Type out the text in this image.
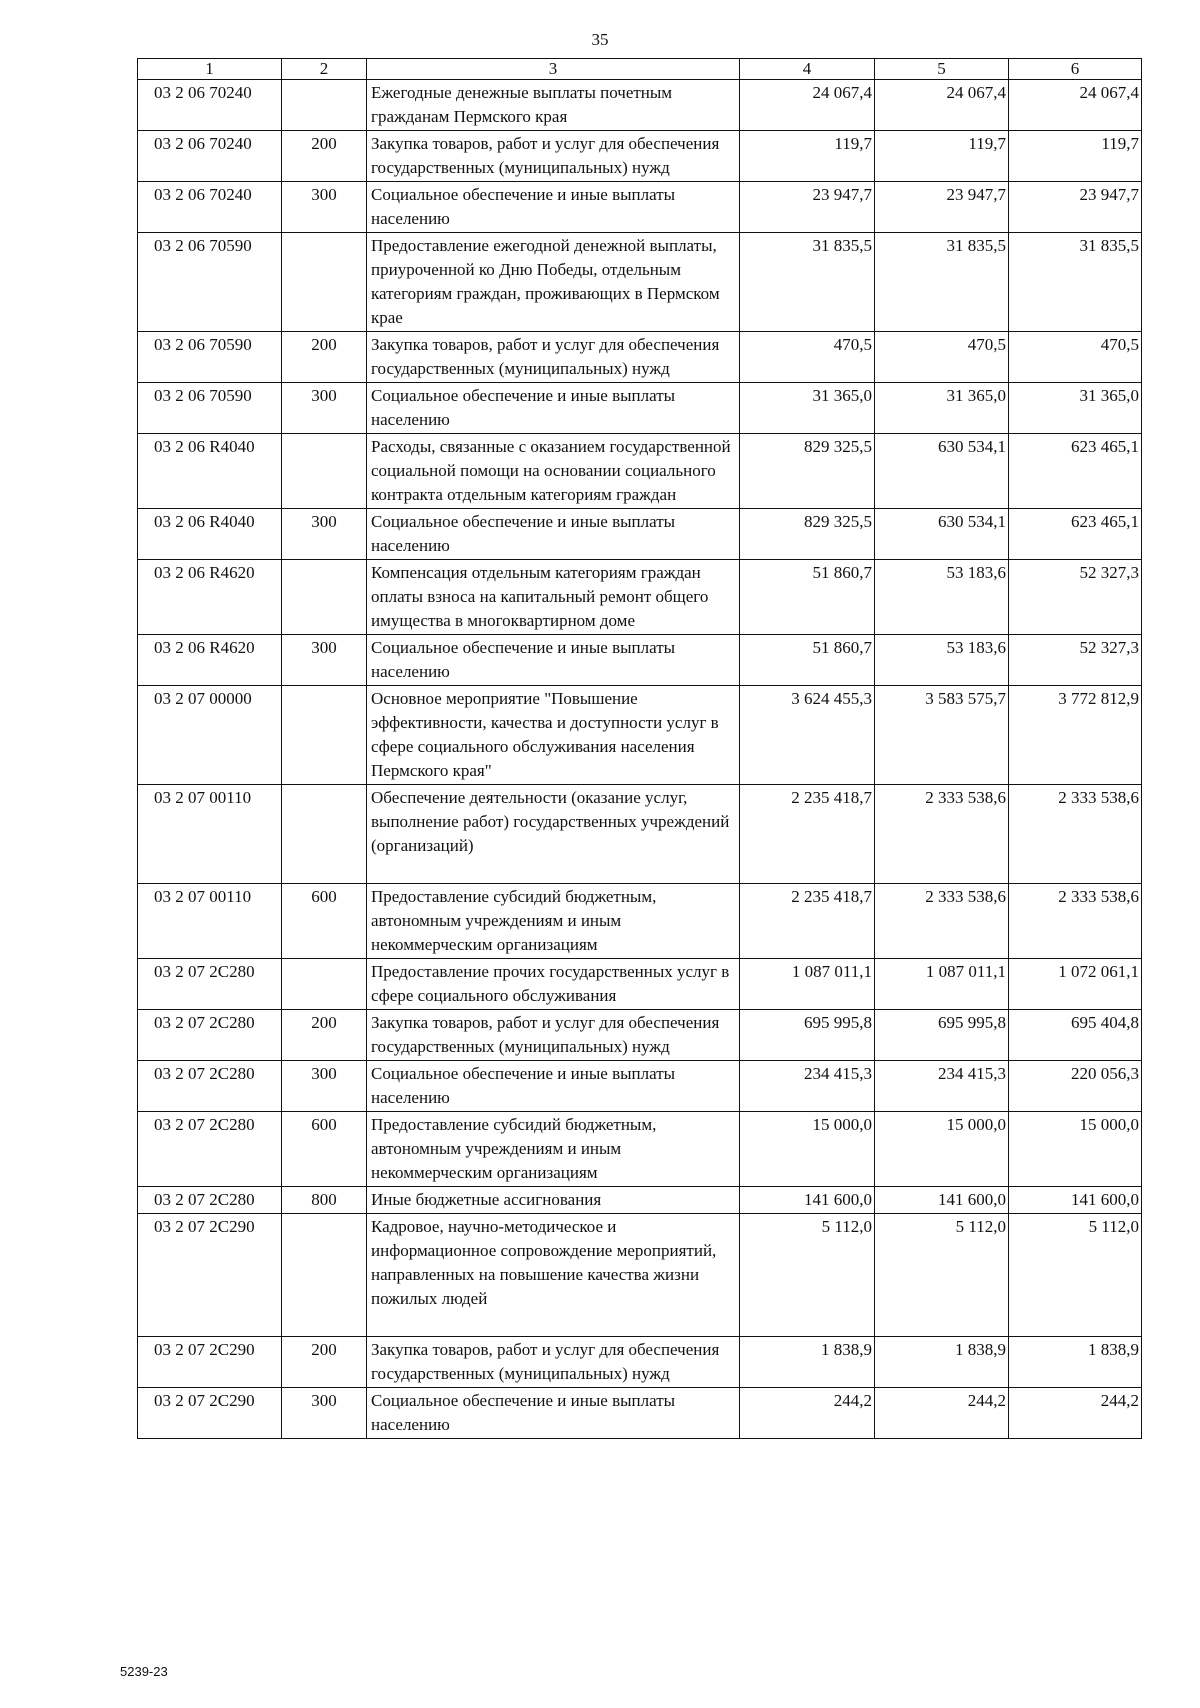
35
1	2	3	4	5	6
03 2 06 70240		Ежегодные денежные выплаты почетным гражданам Пермского края	24 067,4	24 067,4	24 067,4
03 2 06 70240	200	Закупка товаров, работ и услуг для обеспечения государственных (муниципальных) нужд	119,7	119,7	119,7
03 2 06 70240	300	Социальное обеспечение и иные выплаты населению	23 947,7	23 947,7	23 947,7
03 2 06 70590		Предоставление ежегодной денежной выплаты, приуроченной ко Дню Победы, отдельным категориям граждан, проживающих в Пермском крае	31 835,5	31 835,5	31 835,5
03 2 06 70590	200	Закупка товаров, работ и услуг для обеспечения государственных (муниципальных) нужд	470,5	470,5	470,5
03 2 06 70590	300	Социальное обеспечение и иные выплаты населению	31 365,0	31 365,0	31 365,0
03 2 06 R4040		Расходы, связанные с оказанием государственной социальной помощи на основании социального контракта отдельным категориям граждан	829 325,5	630 534,1	623 465,1
03 2 06 R4040	300	Социальное обеспечение и иные выплаты населению	829 325,5	630 534,1	623 465,1
03 2 06 R4620		Компенсация отдельным категориям граждан оплаты взноса на капитальный ремонт общего имущества в многоквартирном доме	51 860,7	53 183,6	52 327,3
03 2 06 R4620	300	Социальное обеспечение и иные выплаты населению	51 860,7	53 183,6	52 327,3
03 2 07 00000		Основное мероприятие "Повышение эффективности, качества и доступности услуг в сфере социального обслуживания населения Пермского края"	3 624 455,3	3 583 575,7	3 772 812,9
03 2 07 00110		Обеспечение деятельности (оказание услуг, выполнение работ) государственных учреждений (организаций)	2 235 418,7	2 333 538,6	2 333 538,6
03 2 07 00110	600	Предоставление субсидий бюджетным, автономным учреждениям и иным некоммерческим организациям	2 235 418,7	2 333 538,6	2 333 538,6
03 2 07 2С280		Предоставление прочих государственных услуг в сфере социального обслуживания	1 087 011,1	1 087 011,1	1 072 061,1
03 2 07 2С280	200	Закупка товаров, работ и услуг для обеспечения государственных (муниципальных) нужд	695 995,8	695 995,8	695 404,8
03 2 07 2С280	300	Социальное обеспечение и иные выплаты населению	234 415,3	234 415,3	220 056,3
03 2 07 2С280	600	Предоставление субсидий бюджетным, автономным учреждениям и иным некоммерческим организациям	15 000,0	15 000,0	15 000,0
03 2 07 2С280	800	Иные бюджетные ассигнования	141 600,0	141 600,0	141 600,0
03 2 07 2С290		Кадровое, научно-методическое и информационное сопровождение мероприятий, направленных на повышение качества жизни пожилых людей	5 112,0	5 112,0	5 112,0
03 2 07 2С290	200	Закупка товаров, работ и услуг для обеспечения государственных (муниципальных) нужд	1 838,9	1 838,9	1 838,9
03 2 07 2С290	300	Социальное обеспечение и иные выплаты населению	244,2	244,2	244,2
5239-23
